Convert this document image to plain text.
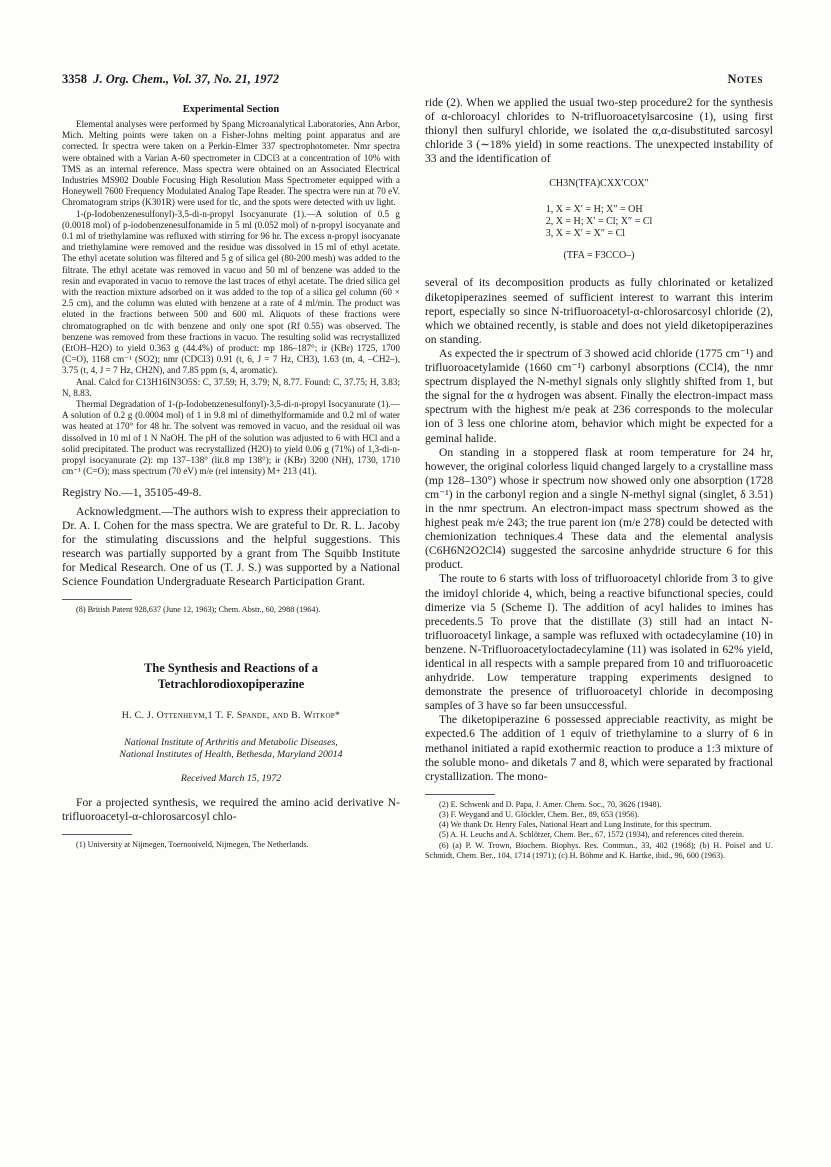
3358 J. Org. Chem., Vol. 37, No. 21, 1972	Notes
Experimental Section

Elemental analyses were performed by Spang Microanalytical Laboratories, Ann Arbor, Mich. Melting points were taken on a Fisher-Johns melting point apparatus and are corrected. Ir spectra were taken on a Perkin-Elmer 337 spectrophotometer. Nmr spectra were obtained with a Varian A-60 spectrometer in CDCl3 at a concentration of 10% with TMS as an internal reference. Mass spectra were obtained on an Associated Electrical Industries MS902 Double Focusing High Resolution Mass Spectrometer equipped with a Honeywell 7600 Frequency Modulated Analog Tape Reader. The spectra were run at 70 eV. Chromatogram strips (K301R) were used for tlc, and the spots were detected with uv light.

1-(p-Iodobenzenesulfonyl)-3,5-di-n-propyl Isocyanurate (1).—A solution of 0.5 g (0.0018 mol) of p-iodobenzenesulfonamide in 5 ml (0.052 mol) of n-propyl isocyanate and 0.1 ml of triethylamine was refluxed with stirring for 96 hr. The excess n-propyl isocyanate and triethylamine were removed and the residue was dissolved in 15 ml of ethyl acetate. The ethyl acetate solution was filtered and 5 g of silica gel (80-200 mesh) was added to the filtrate. The ethyl acetate was removed in vacuo and 50 ml of benzene was added to the resin and evaporated in vacuo to remove the last traces of ethyl acetate. The dried silica gel with the reaction mixture adsorbed on it was added to the top of a silica gel column (60 × 2.5 cm), and the column was eluted with benzene at a rate of 4 ml/min. The product was eluted in the fractions between 500 and 600 ml. Aliquots of these fractions were chromatographed on tlc with benzene and only one spot (Rf 0.55) was observed. The benzene was removed from these fractions in vacuo. The resulting solid was recrystallized (EtOH–H2O) to yield 0.363 g (44.4%) of product: mp 186–187°; ir (KBr) 1725, 1700 (C=O), 1168 cm⁻¹ (SO2); nmr (CDCl3) 0.91 (t, 6, J = 7 Hz, CH3), 1.63 (m, 4, –CH2–), 3.75 (t, 4, J = 7 Hz, CH2N), and 7.85 ppm (s, 4, aromatic).

Anal. Calcd for C13H16IN3O5S: C, 37.59; H, 3.79; N, 8.77. Found: C, 37.75; H, 3.83; N, 8.83.

Thermal Degradation of 1-(p-Iodobenzenesulfonyl)-3,5-di-n-propyl Isocyanurate (1).—A solution of 0.2 g (0.0004 mol) of 1 in 9.8 ml of dimethylformamide and 0.2 ml of water was heated at 170° for 48 hr. The solvent was removed in vacuo, and the residual oil was dissolved in 10 ml of 1 N NaOH. The pH of the solution was adjusted to 6 with HCl and a solid precipitated. The product was recrystallized (H2O) to yield 0.06 g (71%) of 1,3-di-n-propyl isocyanurate (2): mp 137–138° (lit.8 mp 138°); ir (KBr) 3200 (NH), 1730, 1710 cm⁻¹ (C=O); mass spectrum (70 eV) m/e (rel intensity) M+ 213 (41).

Registry No.—1, 35105-49-8.

Acknowledgment.—The authors wish to express their appreciation to Dr. A. I. Cohen for the mass spectra. We are grateful to Dr. R. L. Jacoby for the stimulating discussions and the helpful suggestions. This research was partially supported by a grant from The Squibb Institute for Medical Research. One of us (T. J. S.) was supported by a National Science Foundation Undergraduate Research Participation Grant.

(8) British Patent 928,637 (June 12, 1963); Chem. Abstr., 60, 2988 (1964).

The Synthesis and Reactions of a
Tetrachlorodioxopiperazine
H. C. J. Ottenheym,1 T. F. Spande, and B. Witkop*
National Institute of Arthritis and Metabolic Diseases,
National Institutes of Health, Bethesda, Maryland 20014
Received March 15, 1972

For a projected synthesis, we required the amino acid derivative N-trifluoroacetyl-α-chlorosarcosyl chlo-

(1) University at Nijmegen, Toernooiveld, Nijmegen, The Netherlands.

ride (2). When we applied the usual two-step procedure2 for the synthesis of α-chloroacyl chlorides to N-trifluoroacetylsarcosine (1), using first thionyl then sulfuryl chloride, we isolated the α,α-disubstituted sarcosyl chloride 3 (∼18% yield) in some reactions. The unexpected instability of 33 and the identification of

CH3N(TFA)CXX′COX″
1, X = X′ = H; X″ = OH
2, X = H; X′ = Cl; X″ = Cl
3, X = X′ = X″ = Cl
(TFA = F3CCO–)

several of its decomposition products as fully chlorinated or ketalized diketopiperazines seemed of sufficient interest to warrant this interim report, especially so since N-trifluoroacetyl-α-chlorosarcosyl chloride (2), which we obtained recently, is stable and does not yield diketopiperazines on standing.

As expected the ir spectrum of 3 showed acid chloride (1775 cm⁻¹) and trifluoroacetylamide (1660 cm⁻¹) carbonyl absorptions (CCl4), the nmr spectrum displayed the N-methyl signals only slightly shifted from 1, but the signal for the α hydrogen was absent. Finally the electron-impact mass spectrum with the highest m/e peak at 236 corresponds to the molecular ion of 3 less one chlorine atom, behavior which might be expected for a geminal halide.

On standing in a stoppered flask at room temperature for 24 hr, however, the original colorless liquid changed largely to a crystalline mass (mp 128–130°) whose ir spectrum now showed only one absorption (1728 cm⁻¹) in the carbonyl region and a single N-methyl signal (singlet, δ 3.51) in the nmr spectrum. An electron-impact mass spectrum showed as the highest peak m/e 243; the true parent ion (m/e 278) could be detected with chemionization techniques.4 These data and the elemental analysis (C6H6N2O2Cl4) suggested the sarcosine anhydride structure 6 for this product.

The route to 6 starts with loss of trifluoroacetyl chloride from 3 to give the imidoyl chloride 4, which, being a reactive bifunctional species, could dimerize via 5 (Scheme I). The addition of acyl halides to imines has precedents.5 To prove that the distillate (3) still had an intact N-trifluoroacetyl linkage, a sample was refluxed with octadecylamine (10) in benzene. N-Trifluoroacetyloctadecylamine (11) was isolated in 62% yield, identical in all respects with a sample prepared from 10 and trifluoroacetic anhydride. Low temperature trapping experiments designed to demonstrate the presence of trifluoroacetyl chloride in decomposing samples of 3 have so far been unsuccessful.

The diketopiperazine 6 possessed appreciable reactivity, as might be expected.6 The addition of 1 equiv of triethylamine to a slurry of 6 in methanol initiated a rapid exothermic reaction to produce a 1:3 mixture of the soluble mono- and diketals 7 and 8, which were separated by fractional crystallization. The mono-

(2) E. Schwenk and D. Papa, J. Amer. Chem. Soc., 70, 3626 (1948).

(3) F. Weygand and U. Glöckler, Chem. Ber., 89, 653 (1956).

(4) We thank Dr. Henry Fales, National Heart and Lung Institute, for this spectrum.

(5) A. H. Leuchs and A. Schlötzer, Chem. Ber., 67, 1572 (1934), and references cited therein.

(6) (a) P. W. Trown, Biochem. Biophys. Res. Commun., 33, 402 (1968); (b) H. Poisel and U. Schmidt, Chem. Ber., 104, 1714 (1971); (c) H. Böhme and K. Hartke, ibid., 96, 600 (1963).
